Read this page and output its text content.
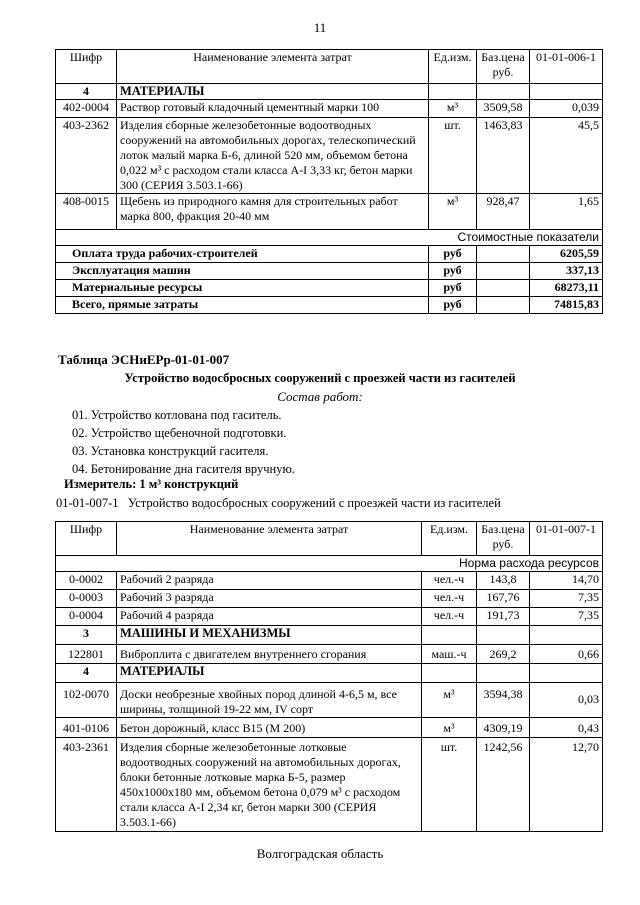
11
Шифр	Наименование элемента затрат	Ед.изм.	Баз.цена руб.	01-01-006-1
4	МАТЕРИАЛЫ			
402-0004	Раствор готовый кладочный цементный марки 100	м³	3509,58	0,039
403-2362	Изделия сборные железобетонные водоотводных сооружений на автомобильных дорогах, телескопический лоток малый марка Б-6, длиной 520 мм, объемом бетона 0,022 м³ с расходом стали класса А-I 3,33 кг, бетон марки 300 (СЕРИЯ 3.503.1-66)	шт.	1463,83	45,5
408-0015	Щебень из природного камня для строительных работ марка 800, фракция 20-40 мм	м³	928,47	1,65
Стоимостные показатели				
Оплата труда рабочих-строителей		руб		6205,59
Эксплуатация машин		руб		337,13
Материальные ресурсы		руб		68273,11
Всего, прямые затраты		руб		74815,83
Таблица ЭСНиЕРр-01-01-007
Устройство водосбросных сооружений с проезжей части из гасителей
Состав работ:
01. Устройство котлована под гаситель.
02. Устройство щебеночной подготовки.
03. Установка конструкций гасителя.
04. Бетонирование дна гасителя вручную.
Измеритель: 1 м³ конструкций
01-01-007-1   Устройство водосбросных сооружений с проезжей части из гасителей
Шифр	Наименование элемента затрат	Ед.изм.	Баз.цена руб.	01-01-007-1
Норма расхода ресурсов				
0-0002	Рабочий 2 разряда	чел.-ч	143,8	14,70
0-0003	Рабочий 3 разряда	чел.-ч	167,76	7,35
0-0004	Рабочий 4 разряда	чел.-ч	191,73	7,35
3	МАШИНЫ И МЕХАНИЗМЫ			
122801	Виброплита с двигателем внутреннего сгорания	маш.-ч	269,2	0,66
4	МАТЕРИАЛЫ			
102-0070	Доски необрезные хвойных пород длиной 4-6,5 м, все ширины, толщиной 19-22 мм, IV сорт	м³	3594,38	0,03
401-0106	Бетон дорожный, класс В15 (М 200)	м³	4309,19	0,43
403-2361	Изделия сборные железобетонные лотковые водоотводных сооружений на автомобильных дорогах, блоки бетонные лотковые марка Б-5, размер 450х1000х180 мм, объемом бетона 0,079 м³ с расходом стали класса А-I 2,34 кг, бетон марки 300 (СЕРИЯ 3.503.1-66)	шт.	1242,56	12,70
Волгоградская область
